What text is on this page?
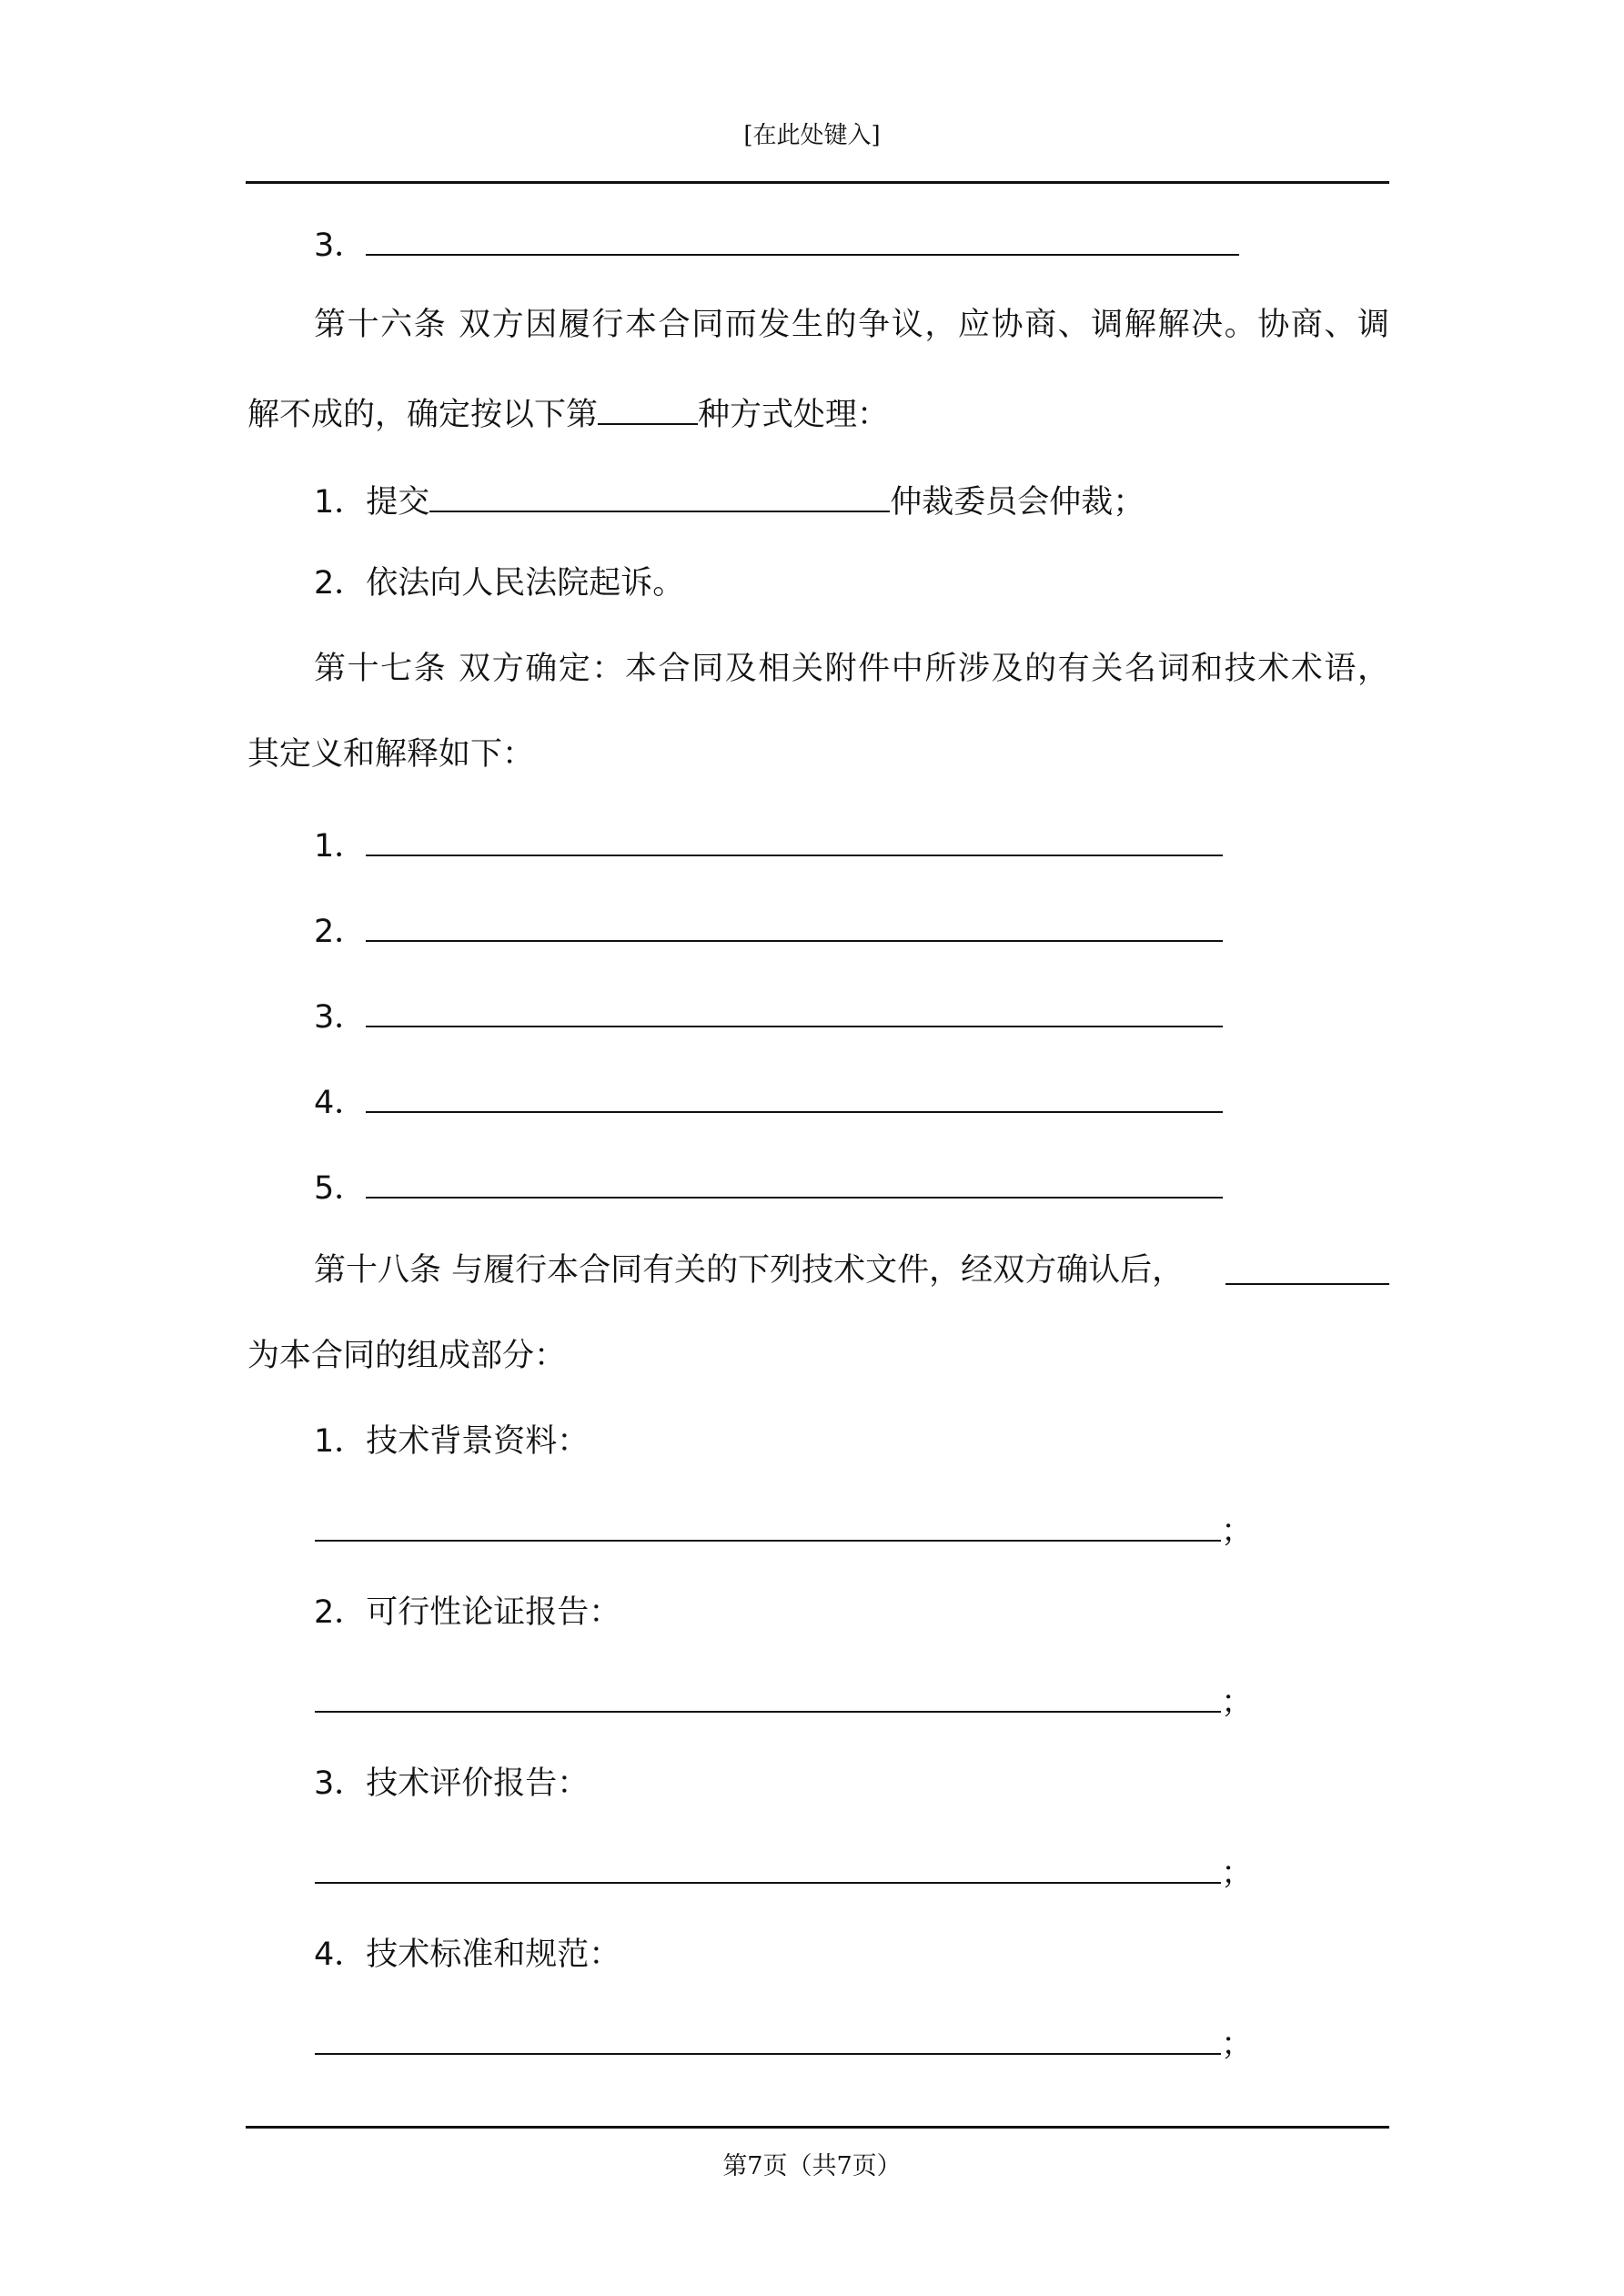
[在此处键入]
3．
第十六条 双方因履行本合同而发生的争议，应协商、调解解决。协商、调
解不成的，确定按以下第	种方式处理：
1．提交	仲裁委员会仲裁；
2．依法向人民法院起诉。
第十七条 双方确定：本合同及相关附件中所涉及的有关名词和技术术语，
其定义和解释如下：
1．
2．
3．
4．
5．
第十八条 与履行本合同有关的下列技术文件，经双方确认后，
为本合同的组成部分：
1．技术背景资料：
；
2．可行性论证报告：
；
3．技术评价报告：
；
4．技术标准和规范：
；
第7页（共7页）
